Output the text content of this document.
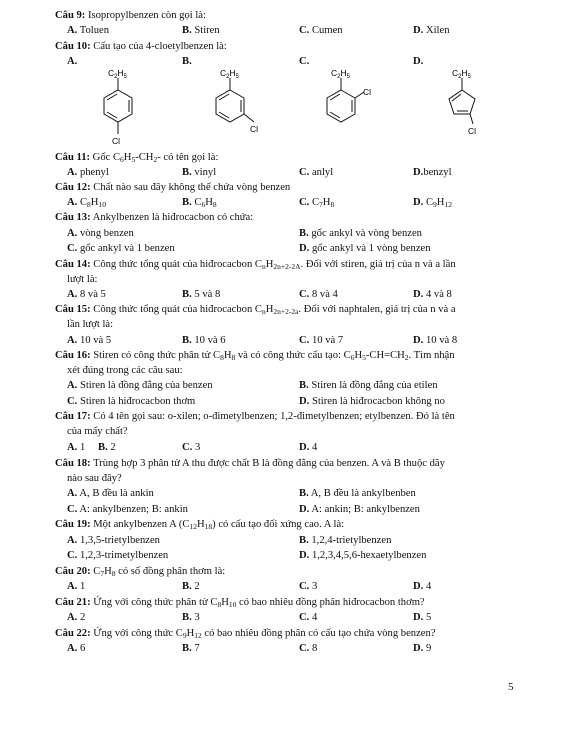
Câu 9: Isopropylbenzen còn gọi là:
A. Toluen	B. Stiren	C. Cumen	D. Xilen
Câu 10: Cấu tạo của 4-cloetylbenzen là:
A.	B.	C.	D.
C2H5
Cl
C2H5
Cl
C2H5
Cl
C2H5
Cl
Câu 11: Gốc $C_6H_5-CH_2-$ có tên gọi là:
A. phenyl	B. vinyl	C. anlyl	D.benzyl
Câu 12: Chất nào sau đây không thể chứa vòng benzen
A. $C_8H_{10}$	B. $C_6H_8$	C. $C_7H_8$	D. $C_9H_{12}$
Câu 13: Ankylbenzen là hiđrocacbon có chứa:
A. vòng benzen	B. gốc ankyl và vòng benzen
C. gốc ankyl và 1 benzen	D. gốc ankyl và 1 vòng benzen
Câu 14: Công thức tổng quát của hiđrocacbon $C_nH_{2n+2-2A}$. Đối với stiren, giá trị của n và a lần
lượt là:
A. 8 và 5	B. 5 và 8	C. 8 và 4	D. 4 và 8
Câu 15: Công thức tổng quát của hiđrocacbon $C_nH_{2n+2-2a}$. Đối với naphtalen, giá trị của n và a
lần lượt là:
A. 10 và 5	B. 10 và 6	C. 10 và 7	D. 10 và 8
Câu 16: Stiren có công thức phân tử $C_8H_8$ và có công thức cấu tạo: $C_6H_5-CH=CH_2$. Tìm nhận
xét đúng trong các câu sau:
A. Stiren là đồng đẳng của benzen	B. Stiren là đồng đẳng của etilen
C. Stiren là hiđrocacbon thơm	D. Stiren là hiđrocacbon không no
Câu 17: Có 4 tên gọi sau: o-xilen; o-đimetylbenzen; 1,2-đimetylbenzen; etylbenzen. Đó là tên
của mấy chất?
A. 1 B. 2	C. 3	D. 4
Câu 18: Trùng hợp 3 phân tử A thu được chất B là đồng đẳng của benzen. A và B thuộc dãy
nào sau đây?
A. A, B đều là ankin	B. A, B đều là ankylbenben
C. A: ankylbenzen; B: ankin	D. A: ankin; B: ankylbenzen
Câu 19: Một ankylbenzen A $(C_{12}H_{18})$ có cấu tạo đối xứng cao. A là:
A. 1,3,5-trietylbenzen	B. 1,2,4-trietylbenzen
C. 1,2,3-trimetylbenzen	D. 1,2,3,4,5,6-hexaetylbenzen
Câu 20: $C_7H_8$ có số đồng phân thơm là:
A. 1	B. 2	C. 3	D. 4
Câu 21: Ứng với công thức phân tử $C_8H_{10}$ có bao nhiêu đồng phân hiđrocacbon thơm?
A. 2	B. 3	C. 4	D. 5
Câu 22: Ứng với công thức $C_9H_{12}$ có bao nhiêu đồng phân có cấu tạo chứa vòng benzen?
A. 6	B. 7	C. 8	D. 9
5
